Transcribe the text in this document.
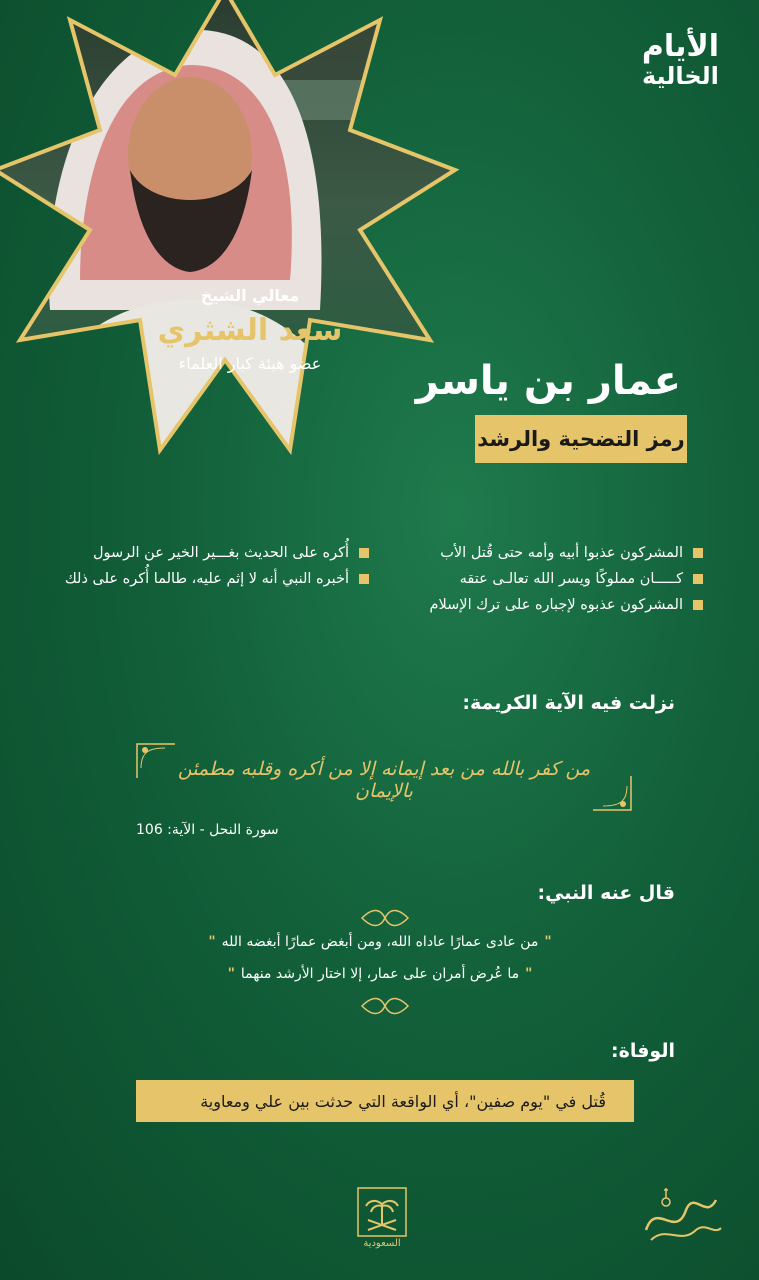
الأيام
الخالية
معالي الشيخ
سعد الشثري
عضو هيئة كبار العلماء	عمار بن ياسر
رمز التضحية والرشد
المشركون عذبوا أبيه وأمه حتى قُتل الأب
كـــــان مملوكًا ويسر الله تعالـى عتقه
المشركون عذبوه لإجباره على ترك الإسلام
أُكره على الحديث بغـــير الخير عن الرسول
أخبره النبي أنه لا إثم عليه، طالما أُكره على ذلك
نزلت فيه الآية الكريمة:
من كفر بالله من بعد إيمانه إلا من أكره وقلبه مطمئن بالإيمان
سورة النحل - الآية: 106
قال عنه النبي:
"من عادى عمارًا عاداه الله، ومن أبغض عمارًا أبغضه الله"
"ما عُرض أمران على عمار، إلا اختار الأرشد منهما"
الوفاة:
قُتل في "يوم صفين"، أي الواقعة التي حدثت بين علي ومعاوية
السعودية
